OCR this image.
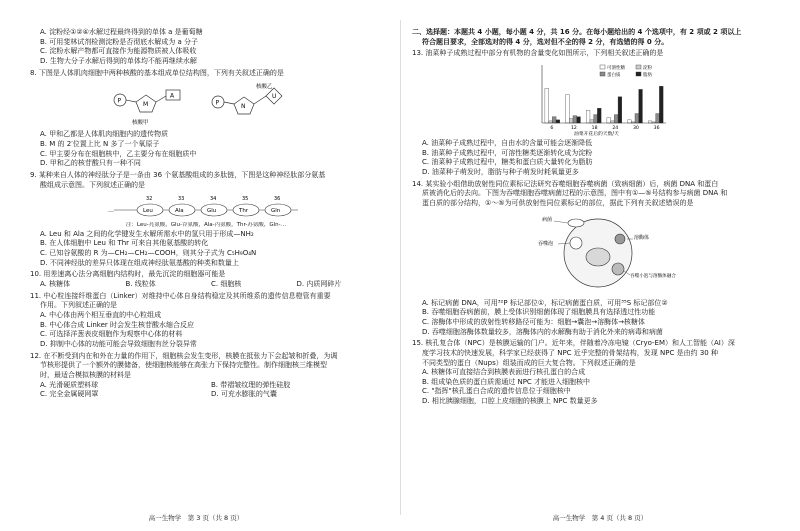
A. 淀粉经①②④水解过程最终得到的单体 a 是葡萄糖
B. 可用斐林试剂检测淀粉是否彻底水解成为 a 分子
C. 淀粉水解产物都可直接作为能源物质被人体吸收
D. 生物大分子水解后得到的单体均不能再继续水解
8. 下图是人体肌肉细胞中两种核酸的基本组成单位结构图，下列有关叙述正确的是
P	M
A
核酸甲
P	N
U
核酸乙
A. 甲和乙都是人体肌肉细胞内的遗传物质
B. M 的 2′位置上比 N 多了一个氧原子
C. 甲主要分布在细胞核中，乙主要分布在细胞质中
D. 甲和乙的核苷酸只有一种不同
9. 某种来自人体的神经肽分子是一条由 36 个氨基酸组成的多肽链，下图是这种神经肽部分氨基
酸组成示意图。下列叙述正确的是
…	Leu
32
Ala
33
Glu
34
Thr
35
Gln
36
注：Leu-亮氨酸，Glu-谷氨酸，Ala-丙氨酸，Thr-苏氨酸，Gln-…
A. Leu 和 Ala 之间的化学键发生水解所需水中的氢只用于形成—NH₂
B. 在人体细胞中 Leu 和 Thr 可来自其他氨基酸的转化
C. 已知谷氨酸的 R 为—CH₂—CH₂—COOH，则其分子式为 C₅H₉O₄N
D. 不同神经肽的差异只体现在组成神经肽氨基酸的种类和数量上
10. 用差速离心法分离细胞内结构时，最先沉淀的细胞器可能是
A. 核糖体	B. 线粒体	C. 细胞核	D. 内质网碎片
11. 中心粒连接纤维蛋白（Linker）对维持中心体自身结构稳定及其所维系的遗传信息橙管有重要
作用。下列叙述正确的是
A. 中心体由两个相互垂直的中心粒组成
B. 中心体合成 Linker 时会发生核苷酸水缩合反应
C. 可选择洋葱表皮细胞作为观察中心体的材料
D. 抑制中心体的功能可能会导致细胞有丝分裂异常
12. 在不断受到内在和外在力量的作用下，细胞核会发生变形，核膜在抵张力下会起皱和折叠，为调
节核形提供了一个额外的膜储备，使细胞核能够在高张力下保持完整性。制作细胞核三维模型
时，最适合模拟核膜的材料是
A. 光滑硬质塑料球	B. 带褶皱纹理的弹性硅胶
C. 完全金属硬网罩	D. 可充水膨胀的气囊
高一生物学　第 3 页（共 8 页）
二、选择题：本题共 4 小题，每小题 4 分，共 16 分。在每小题给出的 4 个选项中，有 2 项或 2 项以上
符合题目要求，全部选对的得 4 分，选对但不全的得 2 分，有选错的得 0 分。
13. 油菜种子成熟过程中部分有机物的含量变化如图所示，下列相关叙述正确的是
6	12	18	24	30	36
可溶性糖	淀粉
蛋白质	脂肪
油菜开花后的天数/天
A. 油菜种子成熟过程中，自由水的含量可能会逐渐降低
B. 油菜种子成熟过程中，可溶性糖类逐渐转化成为淀粉
C. 油菜种子成熟过程中，糖类和蛋白质大量转化为脂肪
D. 油菜种子萌发时，脂肪与种子萌发时耗氧量更多
14. 某实验小组借助放射性同位素标记法研究吞噬细胞吞噬病菌（致病细菌）后，病菌 DNA 和蛋白
质被消化后的去向。下图为吞噬细胞吞噬病菌过程的示意图，图中有①—⑤号结构参与病菌 DNA 和
蛋白质的部分结构，①～⑤为可供放射性同位素标记的部位，据此下列有关叙述错误的是
病菌
吞噬泡
溶酶体
吞噬小泡与溶酶体融合
A. 标记病菌 DNA，可用³²P 标记部位①，标记病菌蛋白质，可用³⁵S 标记部位②
B. 吞噬细胞吞病菌前，膜上受体识别细菌体现了细胞膜具有选择透过性功能
C. 溶酶体中形成的放射性转移路径可能为：细胞→囊泡→溶酶体→核糖体
D. 吞噬细胞溶酶体数量较多，溶酶体内的水解酶有助于消化外来的病毒和病菌
15. 核孔复合体（NPC）是核膜运输的门户。近年来，伴随着冷冻电镜（Cryo-EM）和人工智能（AI）深
度学习技术的快速发展，科学家已经获得了 NPC 近乎完整的骨架结构，发现 NPC 是由约 30 种
不同类型的蛋白（Nups）组装而成的巨大复合物。下列叙述正确的是
A. 核糖体可直接结合到核膜表面进行核孔蛋白的合成
B. 组成染色质的蛋白质需通过 NPC 才能进入细胞核中
C. "指挥"核孔蛋白合成的遗传信息位于细胞核中
D. 相比胰腺细胞，口腔上皮细胞的核膜上 NPC 数量更多
高一生物学　第 4 页（共 8 页）
